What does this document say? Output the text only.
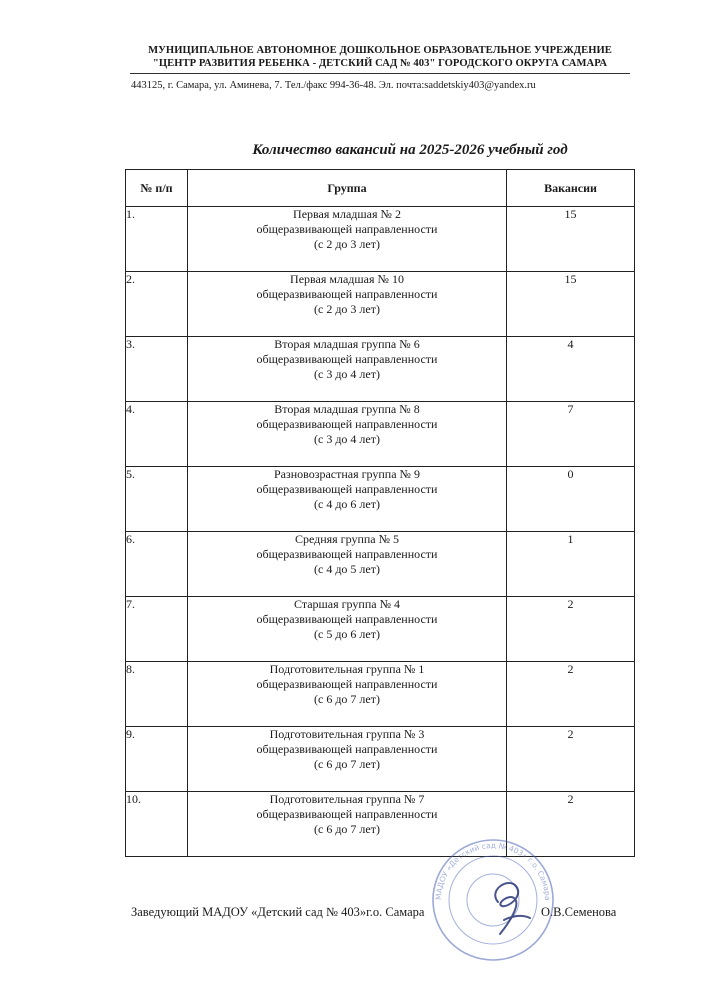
МУНИЦИПАЛЬНОЕ АВТОНОМНОЕ ДОШКОЛЬНОЕ ОБРАЗОВАТЕЛЬНОЕ УЧРЕЖДЕНИЕ
"ЦЕНТР РАЗВИТИЯ РЕБЕНКА - ДЕТСКИЙ САД № 403" ГОРОДСКОГО ОКРУГА САМАРА
443125, г. Самара, ул. Аминева, 7. Тел./факс 994-36-48. Эл. почта:saddetskiy403@yandex.ru
Количество вакансий на 2025-2026 учебный год
№ п/п	Группа	Вакансии
1.	Первая младшая № 2
общеразвивающей направленности
(с 2 до 3 лет)	15
2.	Первая младшая № 10
общеразвивающей направленности
(с 2 до 3 лет)	15
3.	Вторая младшая группа № 6
общеразвивающей направленности
(с 3 до 4 лет)	4
4.	Вторая младшая группа № 8
общеразвивающей направленности
(с 3 до 4 лет)	7
5.	Разновозрастная группа № 9
общеразвивающей направленности
(с 4 до 6 лет)	0
6.	Средняя группа № 5
общеразвивающей направленности
(с 4 до 5 лет)	1
7.	Старшая группа № 4
общеразвивающей направленности
(с 5 до 6 лет)	2
8.	Подготовительная группа № 1
общеразвивающей направленности
(с 6 до 7 лет)	2
9.	Подготовительная группа № 3
общеразвивающей направленности
(с 6 до 7 лет)	2
10.	Подготовительная группа № 7
общеразвивающей направленности
(с 6 до 7 лет)	2
Заведующий МАДОУ «Детский сад № 403»г.о. Самара	О.В.Семенова
МАДОУ «Детский сад № 403» г.о. Самара
